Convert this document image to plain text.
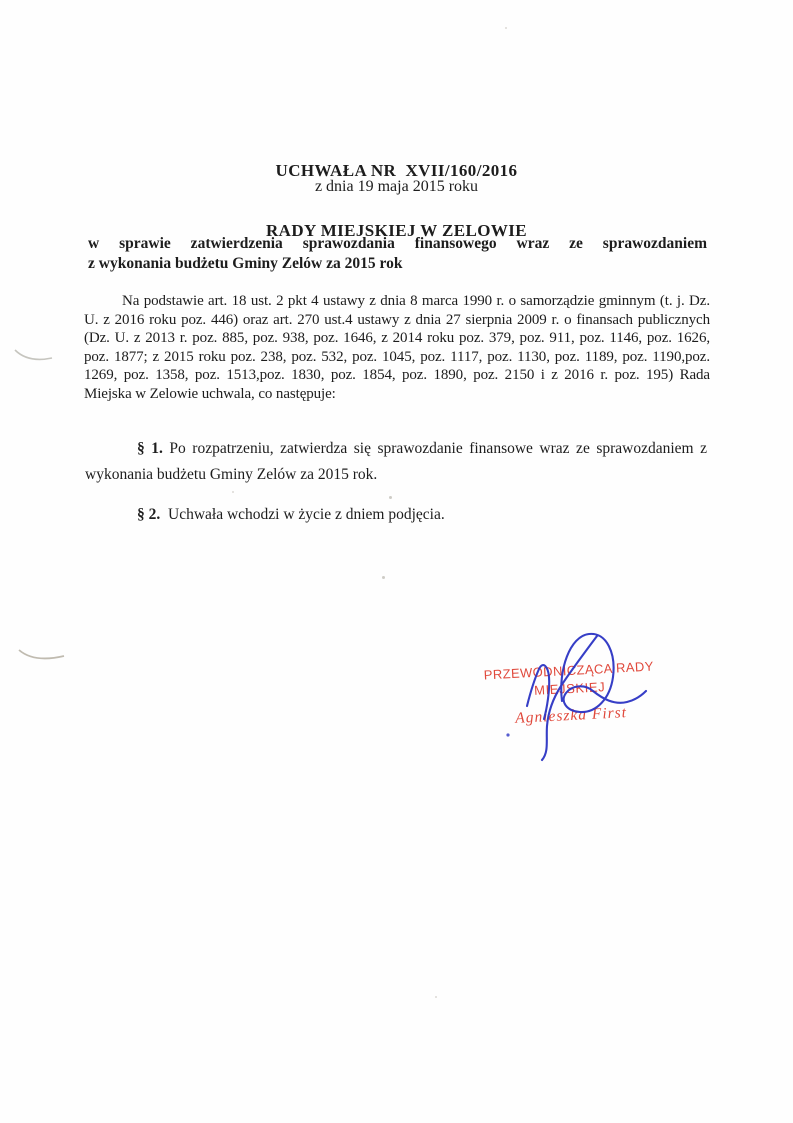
UCHWAŁA NR  XVII/160/2016

RADY MIEJSKIEJ W ZELOWIE

z dnia 19 maja 2015 roku
w sprawie zatwierdzenia sprawozdania finansowego wraz ze sprawozdaniem
z wykonania budżetu Gminy Zelów za 2015 rok
Na podstawie art. 18 ust. 2 pkt 4 ustawy z dnia 8 marca 1990 r. o samorządzie gminnym (t. j. Dz. U. z 2016 roku poz. 446) oraz art. 270 ust.4 ustawy z dnia 27 sierpnia 2009 r. o finansach publicznych (Dz. U. z 2013 r. poz. 885, poz. 938, poz. 1646, z 2014 roku poz. 379, poz. 911, poz. 1146, poz. 1626, poz. 1877; z 2015 roku poz. 238, poz. 532, poz. 1045, poz. 1117, poz. 1130, poz. 1189, poz. 1190,poz. 1269, poz. 1358, poz. 1513,poz. 1830, poz. 1854, poz. 1890, poz. 2150 i z 2016 r. poz. 195) Rada Miejska w Zelowie uchwala, co następuje:
§ 1. Po rozpatrzeniu, zatwierdza się sprawozdanie finansowe wraz ze sprawozdaniem z wykonania budżetu Gminy Zelów za 2015 rok.
§ 2. Uchwała wchodzi w życie z dniem podjęcia.
PRZEWODNICZĄCA RADY
MIEJSKIEJ
Agnieszka First
